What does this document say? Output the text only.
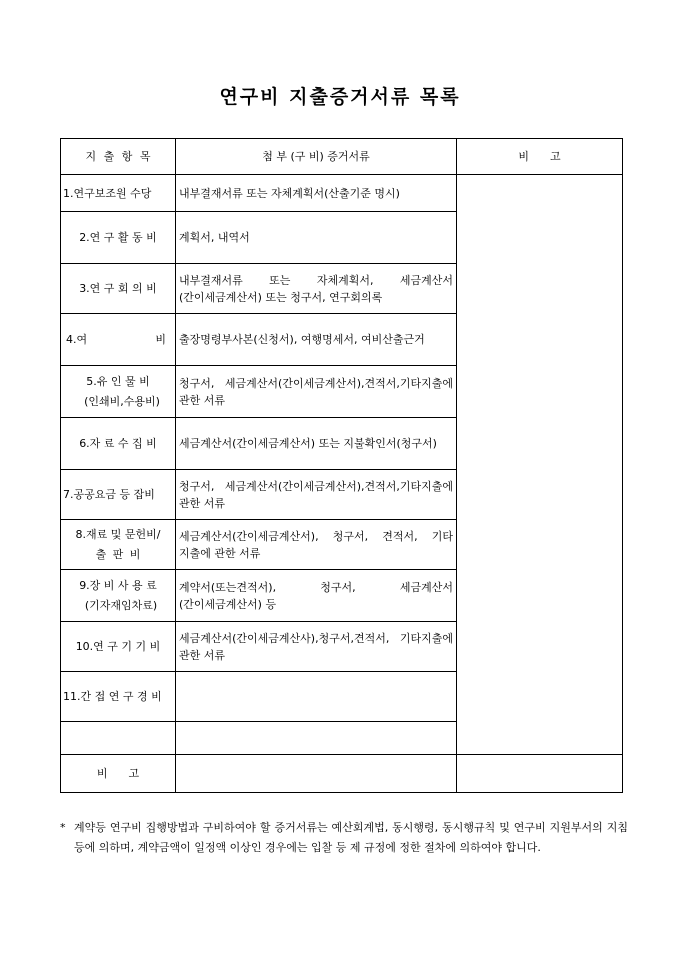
연구비 지출증거서류 목록
지 출 항 목	첨 부 (구 비) 증거서류	비      고
1.연구보조원 수당	내부결재서류 또는 자체계획서(산출기준 명시)	
2.연 구 활 동 비	계획서, 내역서	
3.연 구 회 의 비	내부결재서류 또는 자체계획서, 세금계산서(간이세금계산서) 또는 청구서, 연구회의록	

4.여 비	출장명령부사본(신청서), 여행명세서, 여비산출근거	
5.유 인 물 비
(인쇄비,수용비)	청구서, 세금계산서(간이세금계산서),견적서,기타지출에 관한 서류	
6.자 료 수 집 비	세금계산서(간이세금계산서) 또는 지불확인서(청구서)	
7.공공요금 등 잡비	청구서, 세금계산서(간이세금계산서),견적서,기타지출에 관한 서류	
8.재료 및 문헌비/
출 판 비	세금계산서(간이세금계산서), 청구서, 견적서, 기타 지출에 관한 서류	
9.장 비 사 용 료
(기자재임차료)	계약서(또는견적서), 청구서, 세금계산서(간이세금계산서) 등	
10.연 구 기 기 비	세금계산서(간이세금계산사),청구서,견적서, 기타지출에 관한 서류	
11.간 접 연 구 경 비		

비      고		
* 계약등 연구비 집행방법과 구비하여야 할 증거서류는 예산회계법, 동시행령, 동시행규칙 및 연구비 지원부서의 지침 등에 의하며, 계약금액이 일정액 이상인 경우에는 입찰 등 제 규정에 정한 절차에 의하여야 합니다.
